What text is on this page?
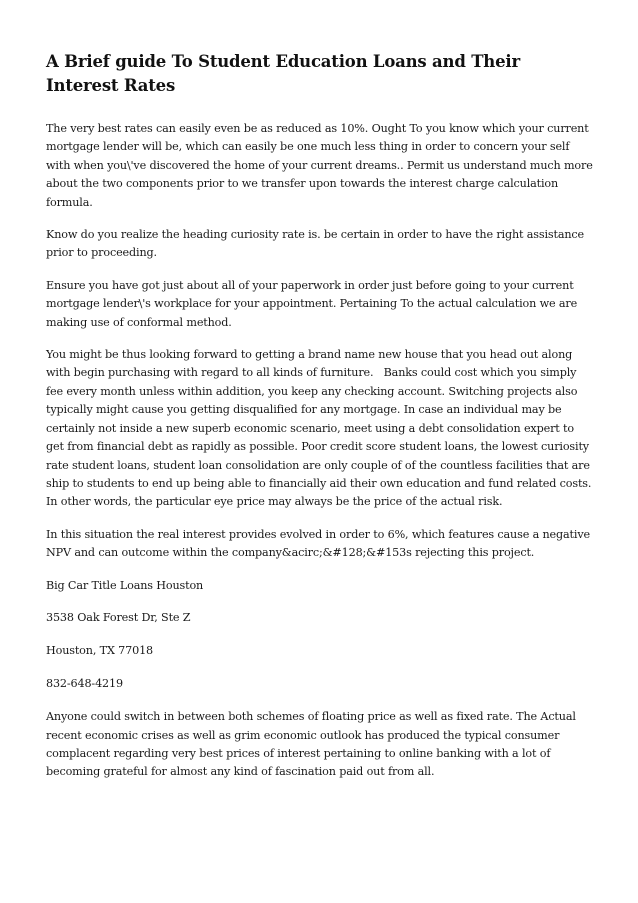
A Brief guide To Student Education Loans and Their Interest Rates

The very best rates can easily even be as reduced as 10%. Ought To you know which your current mortgage lender will be, which can easily be one much less thing in order to concern your self with when you\'ve discovered the home of your current dreams.. Permit us understand much more about the two components prior to we transfer upon towards the interest charge calculation formula.

Know do you realize the heading curiosity rate is. be certain in order to have the right assistance prior to proceeding.

Ensure you have got just about all of your paperwork in order just before going to your current mortgage lender\'s workplace for your appointment. Pertaining To the actual calculation we are making use of conformal method.

You might be thus looking forward to getting a brand name new house that you head out along with begin purchasing with regard to all kinds of furniture.   Banks could cost which you simply fee every month unless within addition, you keep any checking account. Switching projects also typically might cause you getting disqualified for any mortgage. In case an individual may be certainly not inside a new superb economic scenario, meet using a debt consolidation expert to get from financial debt as rapidly as possible. Poor credit score student loans, the lowest curiosity rate student loans, student loan consolidation are only couple of of the countless facilities that are ship to students to end up being able to financially aid their own education and fund related costs.  In other words, the particular eye price may always be the price of the actual risk.

In this situation the real interest provides evolved in order to 6%, which features cause a negative NPV and can outcome within the company&acirc;&#128;&#153s rejecting this project.

Big Car Title Loans Houston

3538 Oak Forest Dr, Ste Z

Houston, TX 77018

832-648-4219

Anyone could switch in between both schemes of floating price as well as fixed rate. The Actual recent economic crises as well as grim economic outlook has produced the typical consumer complacent regarding very best prices of interest pertaining to online banking with a lot of becoming grateful for almost any kind of fascination paid out from all.
